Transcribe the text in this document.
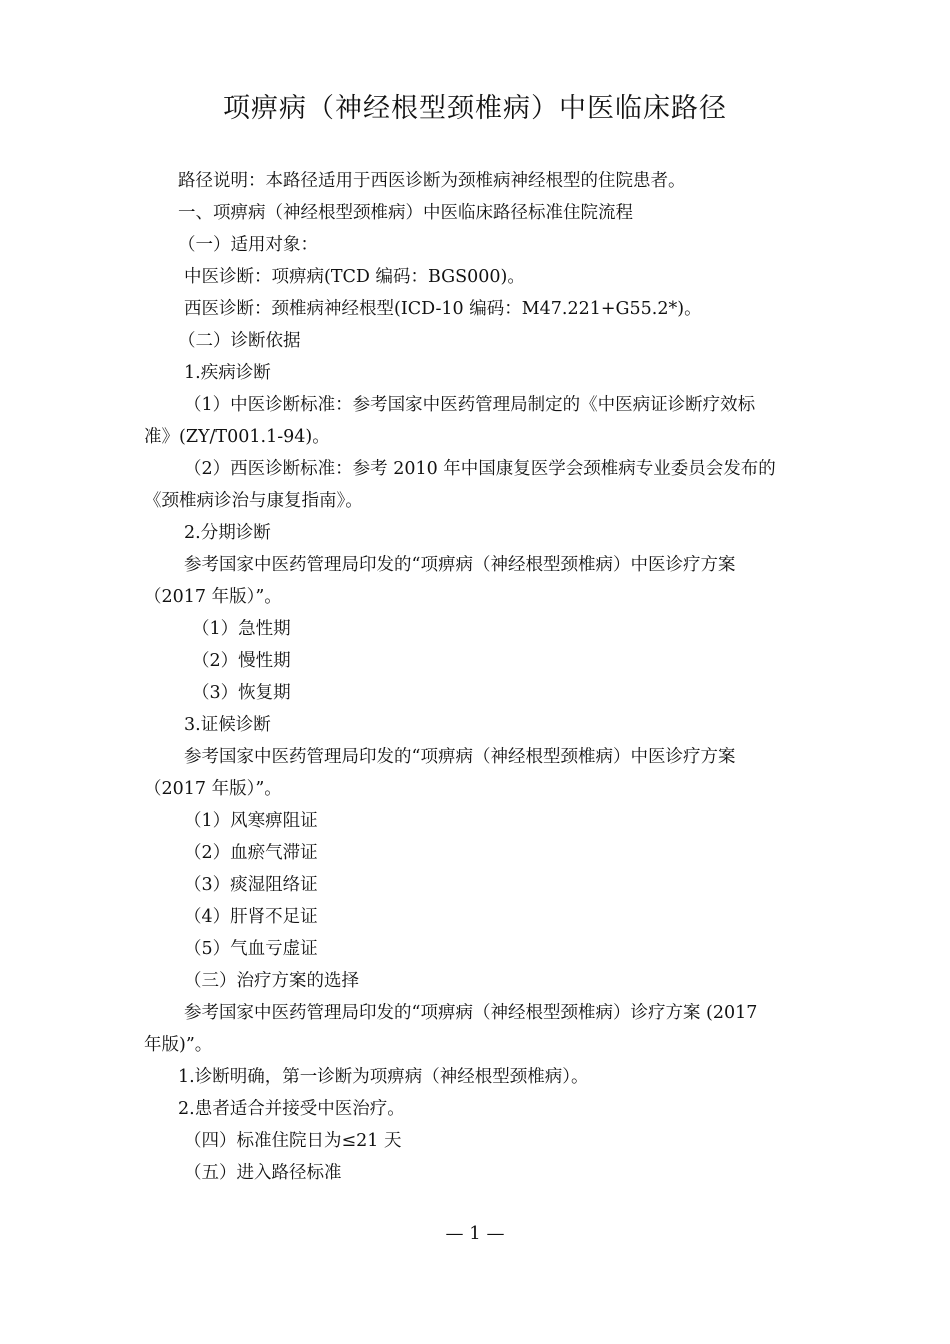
项痹病（神经根型颈椎病）中医临床路径
路径说明：本路径适用于西医诊断为颈椎病神经根型的住院患者。
一、项痹病（神经根型颈椎病）中医临床路径标准住院流程
（一）适用对象：
中医诊断：项痹病(TCD 编码：BGS000)。
西医诊断：颈椎病神经根型(ICD-10 编码：M47.221+G55.2*)。
（二）诊断依据
1.疾病诊断
（1）中医诊断标准：参考国家中医药管理局制定的《中医病证诊断疗效标
准》(ZY/T001.1-94)。
（2）西医诊断标准：参考 2010 年中国康复医学会颈椎病专业委员会发布的
《颈椎病诊治与康复指南》。
2.分期诊断
参考国家中医药管理局印发的“项痹病（神经根型颈椎病）中医诊疗方案
（2017 年版）”。
（1）急性期
（2）慢性期
（3）恢复期
3.证候诊断
参考国家中医药管理局印发的“项痹病（神经根型颈椎病）中医诊疗方案
（2017 年版）”。
（1）风寒痹阻证
（2）血瘀气滞证
（3）痰湿阻络证
（4）肝肾不足证
（5）气血亏虚证
（三）治疗方案的选择
参考国家中医药管理局印发的“项痹病（神经根型颈椎病）诊疗方案 (2017
年版)”。
1.诊断明确，第一诊断为项痹病（神经根型颈椎病）。
2.患者适合并接受中医治疗。
（四）标准住院日为≤21 天
（五）进入路径标准
— 1 —
